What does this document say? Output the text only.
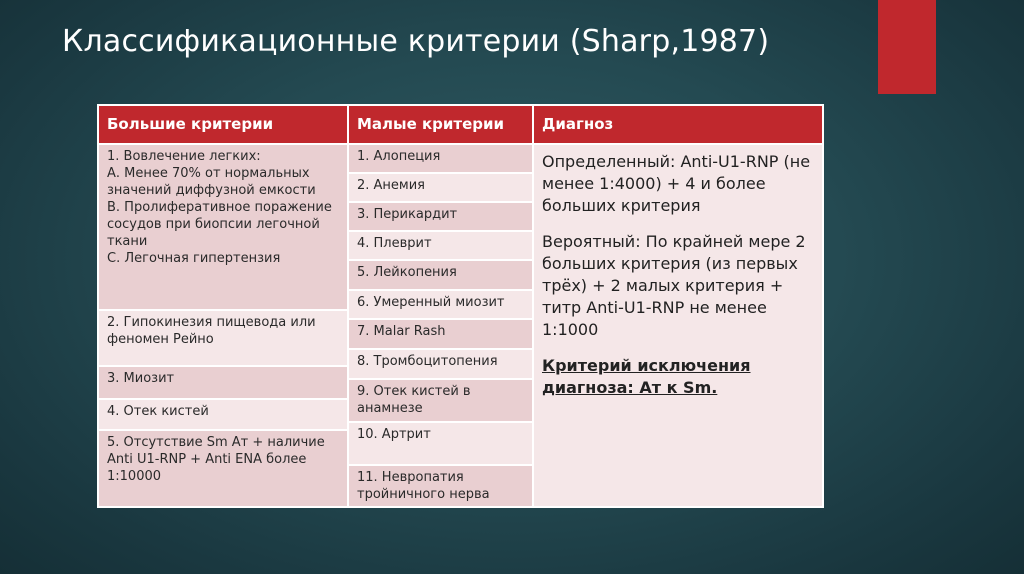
Классификационные критерии (Sharp,1987)
Большие критерии	Малые критерии	Диагноз
1. Вовлечение легких:
А. Менее 70% от нормальных значений диффузной емкости
В. Пролиферативное поражение сосудов при биопсии легочной ткани
С. Легочная гипертензия
2. Гипокинезия пищевода или феномен Рейно
3. Миозит
4. Отек кистей
5. Отсутствие Sm Ат + наличие Anti U1-RNP + Anti ENA более 1:10000
1. Алопеция
2. Анемия
3. Перикардит
4. Плеврит
5. Лейкопения
6. Умеренный миозит
7. Malar Rash
8. Тромбоцитопения
9. Отек кистей в анамнезе
10. Артрит
11. Невропатия тройничного нерва

Определенный: Anti-U1-RNP (не менее 1:4000) + 4 и более больших критерия

Вероятный: По крайней мере 2 больших критерия (из первых трёх) + 2 малых критерия + титр Anti-U1-RNP не менее 1:1000

Критерий исключения диагноза: Ат к Sm.
